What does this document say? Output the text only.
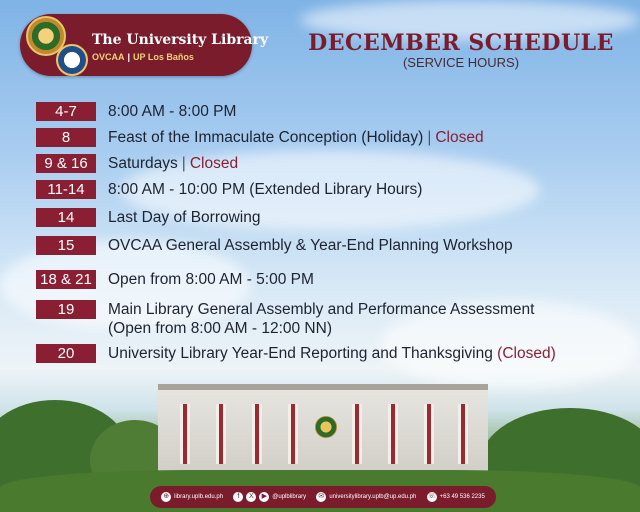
The University Library
OVCAA | UP Los Baños
DECEMBER SCHEDULE
(SERVICE HOURS)
4-7	8:00 AM - 8:00 PM
8	Feast of the Immaculate Conception (Holiday) | Closed
9 & 16	Saturdays | Closed
11-14	8:00 AM - 10:00 PM (Extended Library Hours)
14	Last Day of Borrowing
15	OVCAA General Assembly & Year-End Planning Workshop
18 & 21 Open from 8:00 AM - 5:00 PM
19	Main Library General Assembly and Performance Assessment
(Open from 8:00 AM - 12:00 NN)
20	University Library Year-End Reporting and Thanksgiving (Closed)
⊕ library.uplb.edu.ph	f	X	▶ @uplblibrary ✉ universitylibrary.uplb@up.edu.ph ☏ +63 49 536 2235
